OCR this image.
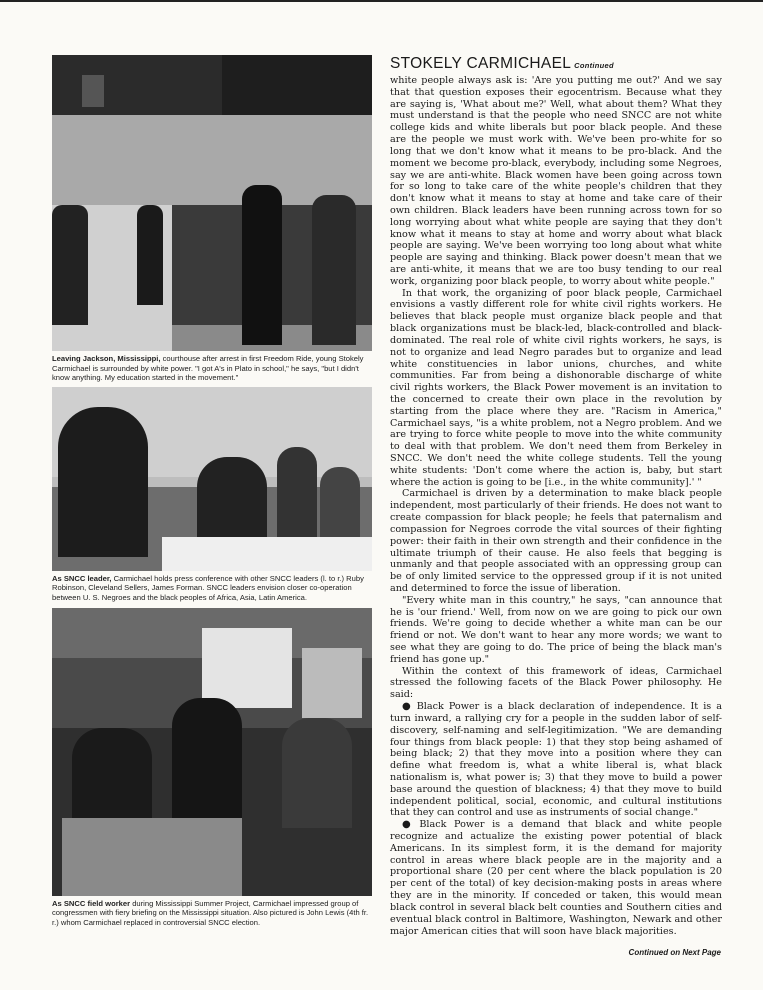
Leaving Jackson, Mississippi, courthouse after arrest in first Freedom Ride, young Stokely Carmichael is surrounded by white power. "I got A's in Plato in school," he says, "but I didn't know anything. My education started in the movement."

As SNCC leader, Carmichael holds press conference with other SNCC leaders (l. to r.) Ruby Robinson, Cleveland Sellers, James Forman. SNCC leaders envision closer co-operation between U. S. Negroes and the black peoples of Africa, Asia, Latin America.

As SNCC field worker during Mississippi Summer Project, Carmichael impressed group of congressmen with fiery briefing on the Mississippi situation. Also pictured is John Lewis (4th fr. r.) whom Carmichael replaced in controversial SNCC election.

STOKELY CARMICHAEL Continued

white people always ask is: 'Are you putting me out?' And we say that that question exposes their egocentrism. Because what they are saying is, 'What about me?' Well, what about them? What they must understand is that the people who need SNCC are not white college kids and white liberals but poor black people. And these are the people we must work with. We've been pro-white for so long that we don't know what it means to be pro-black. And the moment we become pro-black, everybody, including some Negroes, say we are anti-white. Black women have been going across town for so long to take care of the white people's children that they don't know what it means to stay at home and take care of their own children. Black leaders have been running across town for so long worrying about what white people are saying that they don't know what it means to stay at home and worry about what black people are saying. We've been worrying too long about what white people are saying and thinking. Black power doesn't mean that we are anti-white, it means that we are too busy tending to our real work, organizing poor black people, to worry about white people."

In that work, the organizing of poor black people, Carmichael envisions a vastly different role for white civil rights workers. He believes that black people must organize black people and that black organizations must be black-led, black-controlled and black-dominated. The real role of white civil rights workers, he says, is not to organize and lead Negro parades but to organize and lead white constituencies in labor unions, churches, and white communities. Far from being a dishonorable discharge of white civil rights workers, the Black Power movement is an invitation to the concerned to create their own place in the revolution by starting from the place where they are. "Racism in America," Carmichael says, "is a white problem, not a Negro problem. And we are trying to force white people to move into the white community to deal with that problem. We don't need them from Berkeley in SNCC. We don't need the white college students. Tell the young white students: 'Don't come where the action is, baby, but start where the action is going to be [i.e., in the white community].' "

Carmichael is driven by a determination to make black people independent, most particularly of their friends. He does not want to create compassion for black people; he feels that paternalism and compassion for Negroes corrode the vital sources of their fighting power: their faith in their own strength and their confidence in the ultimate triumph of their cause. He also feels that begging is unmanly and that people associated with an oppressing group can be of only limited service to the oppressed group if it is not united and determined to force the issue of liberation.

"Every white man in this country," he says, "can announce that he is 'our friend.' Well, from now on we are going to pick our own friends. We're going to decide whether a white man can be our friend or not. We don't want to hear any more words; we want to see what they are going to do. The price of being the black man's friend has gone up."

Within the context of this framework of ideas, Carmichael stressed the following facets of the Black Power philosophy. He said:

● Black Power is a black declaration of independence. It is a turn inward, a rallying cry for a people in the sudden labor of self-discovery, self-naming and self-legitimization. "We are demanding four things from black people: 1) that they stop being ashamed of being black; 2) that they move into a position where they can define what freedom is, what a white liberal is, what black nationalism is, what power is; 3) that they move to build a power base around the question of blackness; 4) that they move to build independent political, social, economic, and cultural institutions that they can control and use as instruments of social change."

● Black Power is a demand that black and white people recognize and actualize the existing power potential of black Americans. In its simplest form, it is the demand for majority control in areas where black people are in the majority and a proportional share (20 per cent where the black population is 20 per cent of the total) of key decision-making posts in areas where they are in the minority. If conceded or taken, this would mean black control in several black belt counties and Southern cities and eventual black control in Baltimore, Washington, Newark and other major American cities that will soon have black majorities.

Continued on Next Page
